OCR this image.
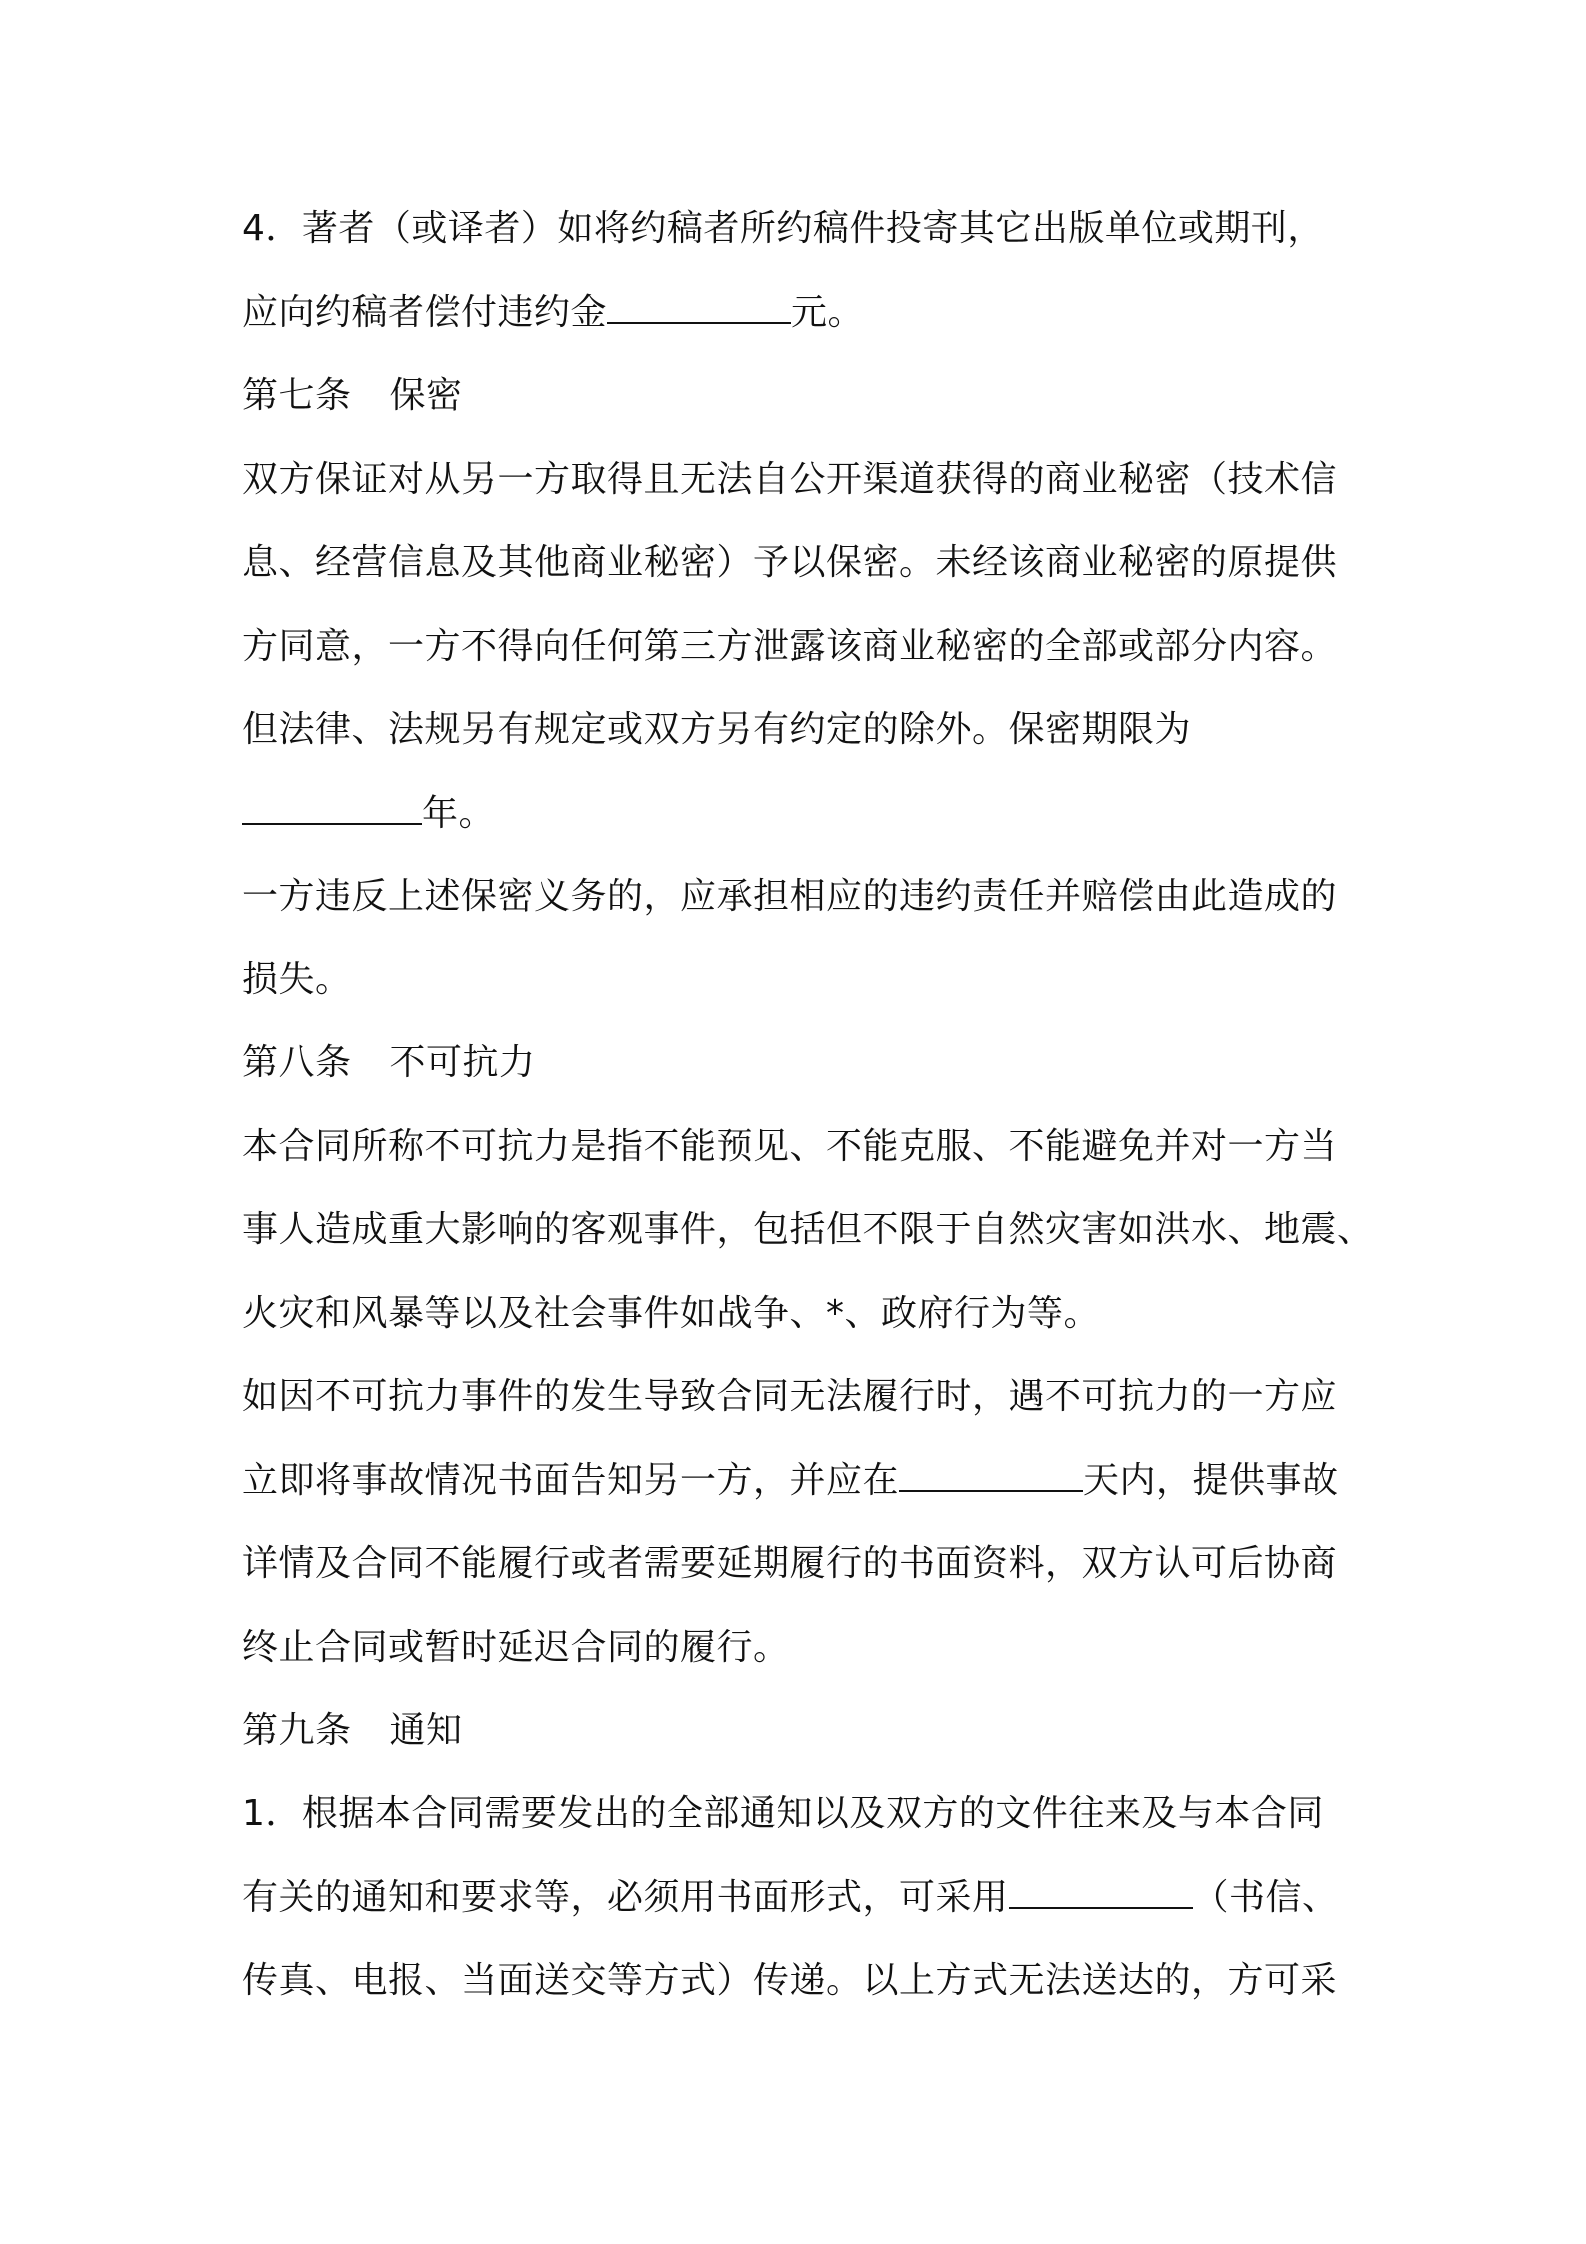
4．著者（或译者）如将约稿者所约稿件投寄其它出版单位或期刊，
应向约稿者偿付违约金	元。
第七条 保密
双方保证对从另一方取得且无法自公开渠道获得的商业秘密（技术信
息、经营信息及其他商业秘密）予以保密。未经该商业秘密的原提供
方同意，一方不得向任何第三方泄露该商业秘密的全部或部分内容。
但法律、法规另有规定或双方另有约定的除外。保密期限为
年。
一方违反上述保密义务的，应承担相应的违约责任并赔偿由此造成的
损失。
第八条 不可抗力
本合同所称不可抗力是指不能预见、不能克服、不能避免并对一方当
事人造成重大影响的客观事件，包括但不限于自然灾害如洪水、地震、
火灾和风暴等以及社会事件如战争、*、政府行为等。
如因不可抗力事件的发生导致合同无法履行时，遇不可抗力的一方应
立即将事故情况书面告知另一方，并应在	天内，提供事故
详情及合同不能履行或者需要延期履行的书面资料，双方认可后协商
终止合同或暂时延迟合同的履行。
第九条 通知
1．根据本合同需要发出的全部通知以及双方的文件往来及与本合同
有关的通知和要求等，必须用书面形式，可采用	（书信、
传真、电报、当面送交等方式）传递。以上方式无法送达的，方可采
